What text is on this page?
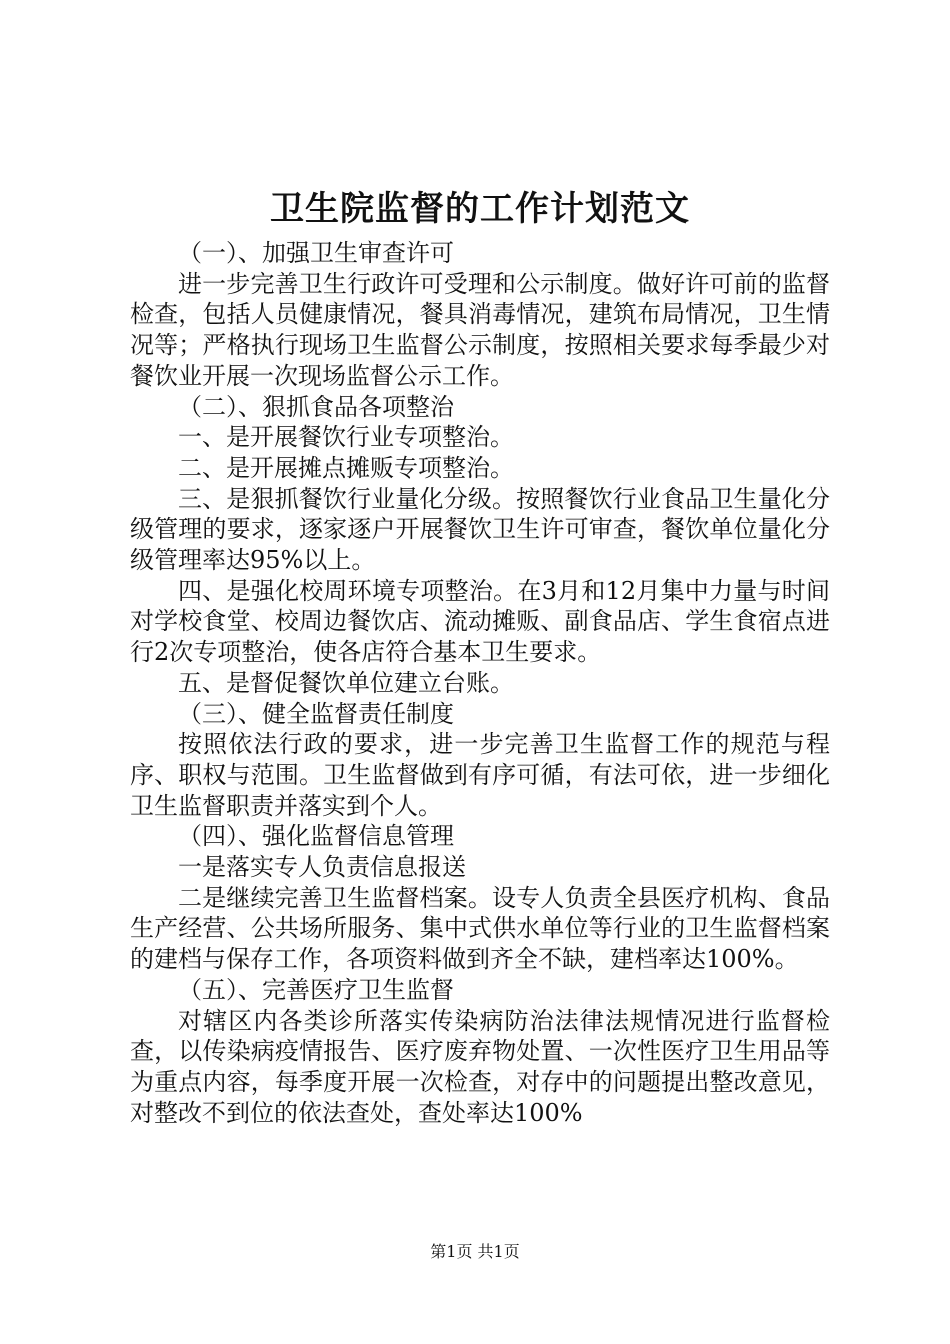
卫生院监督的工作计划范文

（一）、加强卫生审查许可

进一步完善卫生行政许可受理和公示制度。做好许可前的监督检查，包括人员健康情况，餐具消毒情况，建筑布局情况，卫生情况等；严格执行现场卫生监督公示制度，按照相关要求每季最少对餐饮业开展一次现场监督公示工作。

（二）、狠抓食品各项整治

一、是开展餐饮行业专项整治。

二、是开展摊点摊贩专项整治。

三、是狠抓餐饮行业量化分级。按照餐饮行业食品卫生量化分级管理的要求，逐家逐户开展餐饮卫生许可审查，餐饮单位量化分级管理率达95%以上。

四、是强化校周环境专项整治。在3月和12月集中力量与时间对学校食堂、校周边餐饮店、流动摊贩、副食品店、学生食宿点进行2次专项整治，使各店符合基本卫生要求。

五、是督促餐饮单位建立台账。

（三）、健全监督责任制度

按照依法行政的要求，进一步完善卫生监督工作的规范与程序、职权与范围。卫生监督做到有序可循，有法可依，进一步细化卫生监督职责并落实到个人。

（四）、强化监督信息管理

一是落实专人负责信息报送

二是继续完善卫生监督档案。设专人负责全县医疗机构、食品生产经营、公共场所服务、集中式供水单位等行业的卫生监督档案的建档与保存工作，各项资料做到齐全不缺，建档率达100%。

（五）、完善医疗卫生监督

对辖区内各类诊所落实传染病防治法律法规情况进行监督检查，以传染病疫情报告、医疗废弃物处置、一次性医疗卫生用品等为重点内容，每季度开展一次检查，对存中的问题提出整改意见，对整改不到位的依法查处，查处率达100%

第1页 共1页
